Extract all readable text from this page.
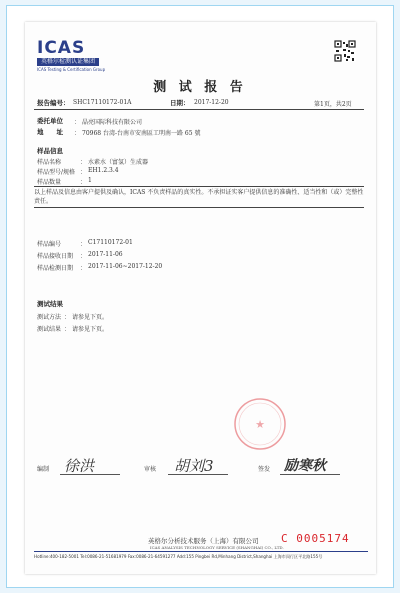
ICAS
英格尔检测认证集团
ICAS Testing & Certification Group
测 试 报 告
报告编号： SHC17110172-01A	日期： 2017-12-20	第1页，共2页
委托单位 ： 晶亮国际科技有限公司
地　　址 ： 70968 台湾-台南市安南區工明南一路 65 號
样品信息
样品名称	： 水素水（富氢）生成器
样品型号/规格 ： EH1.2.3.4
样品数量	： 1
以上样品及信息由客户提供及确认，ICAS 不负责样品的真实性。不承担证实客户提供信息的准确性、适当性和（或）完整性责任。
样品编号	： C17110172-01
样品接收日期 ： 2017-11-06
样品检测日期 ： 2017-11-06~2017-12-20
测试结果
测试方法 ： 请参见下页。
测试结果 ： 请参见下页。
★
编制 徐洪	审核 胡刘3	签发 励寒秋
英格尔分析技术服务（上海）有限公司
ICAS ANALYSIS TECHNOLOGY SERVICE (SHANGHAI) CO., LTD.
C 0005174
Hotline:400-182-5001 Tel:0086-21-51681979 Fax:0086-21-64591277 Add:155 Pingbei Rd,Minhang District,Shanghai 上海市闵行区平北路155号
